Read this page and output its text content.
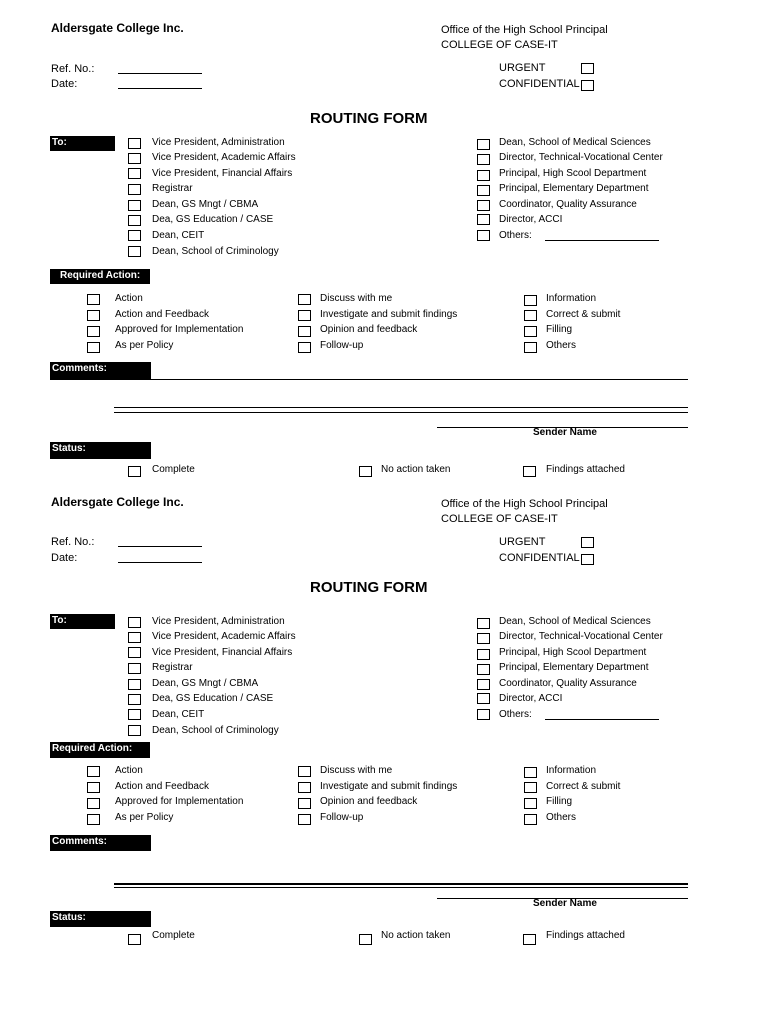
Aldersgate College Inc.	Office of the High School Principal
COLLEGE OF CASE-IT
Ref. No.:
Date:
URGENT
CONFIDENTIAL
ROUTING FORM
To:	Vice President, Administration
Vice President, Academic Affairs
Vice President, Financial Affairs
Registrar
Dean, GS Mngt / CBMA
Dea, GS Education / CASE
Dean, CEIT
Dean, School of Criminology
Dean, School of Medical Sciences
Director, Technical-Vocational Center
Principal, High Scool Department
Principal, Elementary Department
Coordinator, Quality Assurance
Director, ACCI
Others:
Required Action:
Action
Action and Feedback
Approved for Implementation
As per Policy
Discuss with me
Investigate and submit findings
Opinion and feedback
Follow-up
Information
Correct & submit
Filling
Others
Comments:
Sender Name
Status:
Complete	No action taken	Findings attached
Aldersgate College Inc.	Office of the High School Principal
COLLEGE OF CASE-IT
Ref. No.:
Date:
URGENT
CONFIDENTIAL
ROUTING FORM
To:	Vice President, Administration
Vice President, Academic Affairs
Vice President, Financial Affairs
Registrar
Dean, GS Mngt / CBMA
Dea, GS Education / CASE
Dean, CEIT
Dean, School of Criminology
Dean, School of Medical Sciences
Director, Technical-Vocational Center
Principal, High Scool Department
Principal, Elementary Department
Coordinator, Quality Assurance
Director, ACCI
Others:
Required Action:
Action
Action and Feedback
Approved for Implementation
As per Policy
Discuss with me
Investigate and submit findings
Opinion and feedback
Follow-up
Information
Correct & submit
Filling
Others
Comments:
Sender Name
Status:
Complete	No action taken	Findings attached
